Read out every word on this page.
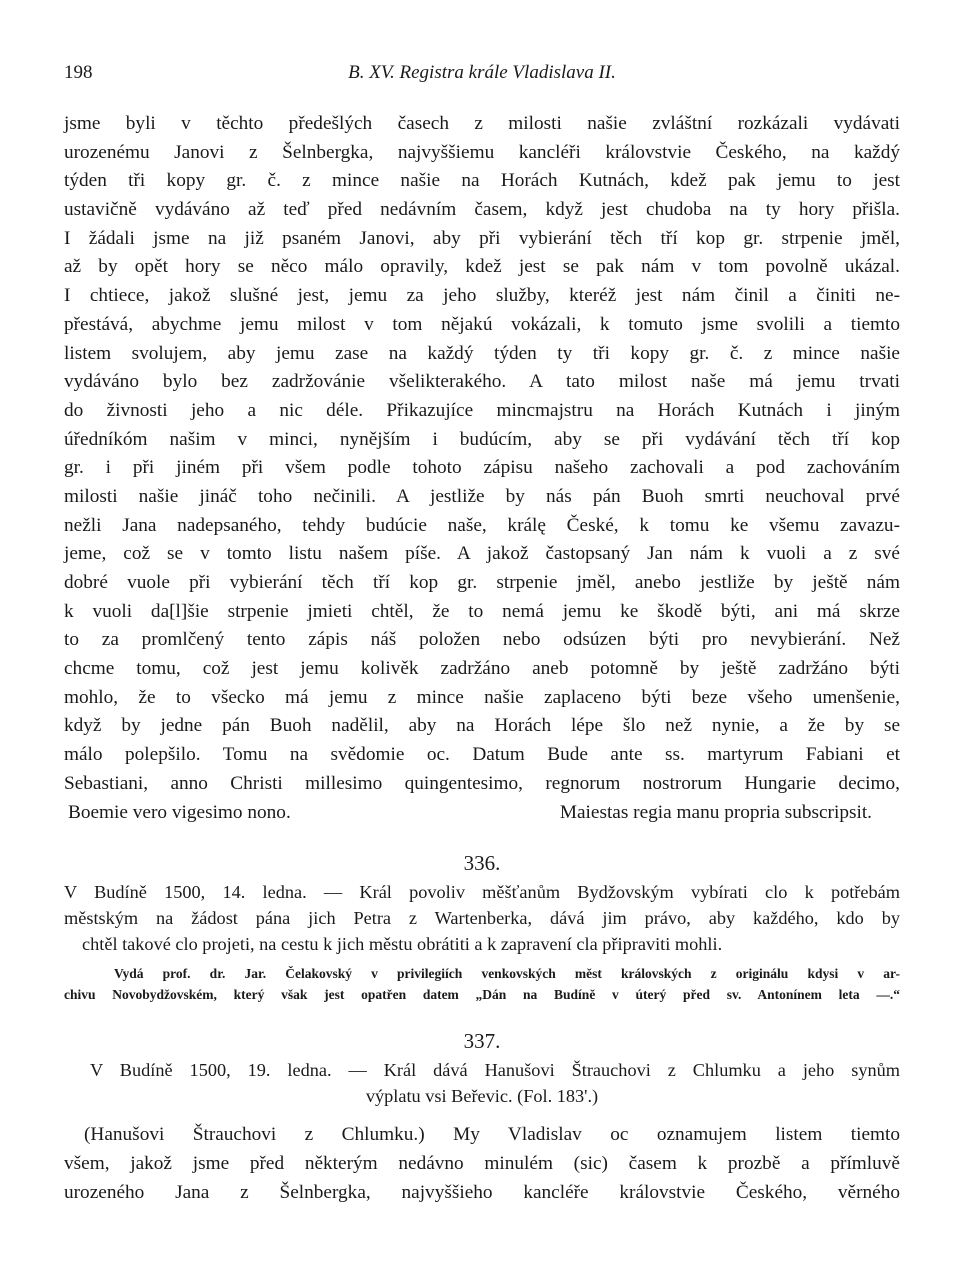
198	B. XV. Registra krále Vladislava II.
jsme byli v těchto předešlých časech z milosti našie zvláštní rozkázali vydávati
urozenému Janovi z Šelnbergka, najvyššiemu kancléři královstvie Českého, na každý
týden tři kopy gr. č. z mince našie na Horách Kutnách, kdež pak jemu to jest
ustavičně vydáváno až teď před nedávním časem, když jest chudoba na ty hory přišla.
I žádali jsme na již psaném Janovi, aby při vybierání těch tří kop gr. strpenie jměl,
až by opět hory se něco málo opravily, kdež jest se pak nám v tom povolně ukázal.
I chtiece, jakož slušné jest, jemu za jeho služby, kteréž jest nám činil a činiti ne-
přestává, abychme jemu milost v tom nějakú vokázali, k tomuto jsme svolili a tiemto
listem svolujem, aby jemu zase na každý týden ty tři kopy gr. č. z mince našie
vydáváno bylo bez zadržovánie všelikterakého. A tato milost naše má jemu trvati
do živnosti jeho a nic déle. Přikazujíce mincmajstru na Horách Kutnách i jiným
úředníkóm našim v minci, nynějším i budúcím, aby se při vydávání těch tří kop
gr. i při jiném při všem podle tohoto zápisu našeho zachovali a pod zachováním
milosti našie jináč toho nečinili. A jestliže by nás pán Buoh smrti neuchoval prvé
nežli Jana nadepsaného, tehdy budúcie naše, králę České, k tomu ke všemu zavazu-
jeme, což se v tomto listu našem píše. A jakož častopsaný Jan nám k vuoli a z své
dobré vuole při vybierání těch tří kop gr. strpenie jměl, anebo jestliže by ještě nám
k vuoli da[l]šie strpenie jmieti chtěl, že to nemá jemu ke škodě býti, ani má skrze
to za promlčený tento zápis náš položen nebo odsúzen býti pro nevybierání. Než
chcme tomu, což jest jemu kolivěk zadržáno aneb potomně by ještě zadržáno býti
mohlo, že to všecko má jemu z mince našie zaplaceno býti beze všeho umenšenie,
když by jedne pán Buoh nadělil, aby na Horách lépe šlo než nynie, a že by se
málo polepšilo. Tomu na svědomie oc. Datum Bude ante ss. martyrum Fabiani et
Sebastiani, anno Christi millesimo quingentesimo, regnorum nostrorum Hungarie decimo,
Boemie vero vigesimo nono.	Maiestas regia manu propria subscripsit.
336.
V Budíně 1500, 14. ledna. — Král povoliv měšťanům Bydžovským vybírati clo k potřebám
městským na žádost pána jich Petra z Wartenberka, dává jim právo, aby každého, kdo by
chtěl takové clo projeti, na cestu k jich městu obrátiti a k zapravení cla připraviti mohli.
Vydá prof. dr. Jar. Čelakovský v privilegiích venkovských měst královských z originálu kdysi v ar-
chivu Novobydžovském, který však jest opatřen datem „Dán na Budíně v úterý před sv. Antonínem leta —.“
337.
V Budíně 1500, 19. ledna. — Král dává Hanušovi Štrauchovi z Chlumku a jeho synům
výplatu vsi Beřevic. (Fol. 183'.)
(Hanušovi Štrauchovi z Chlumku.) My Vladislav oc oznamujem listem tiemto
všem, jakož jsme před některým nedávno minulém (sic) časem k prozbě a přímluvě
urozeného Jana z Šelnbergka, najvyššieho kancléře královstvie Českého, věrného
